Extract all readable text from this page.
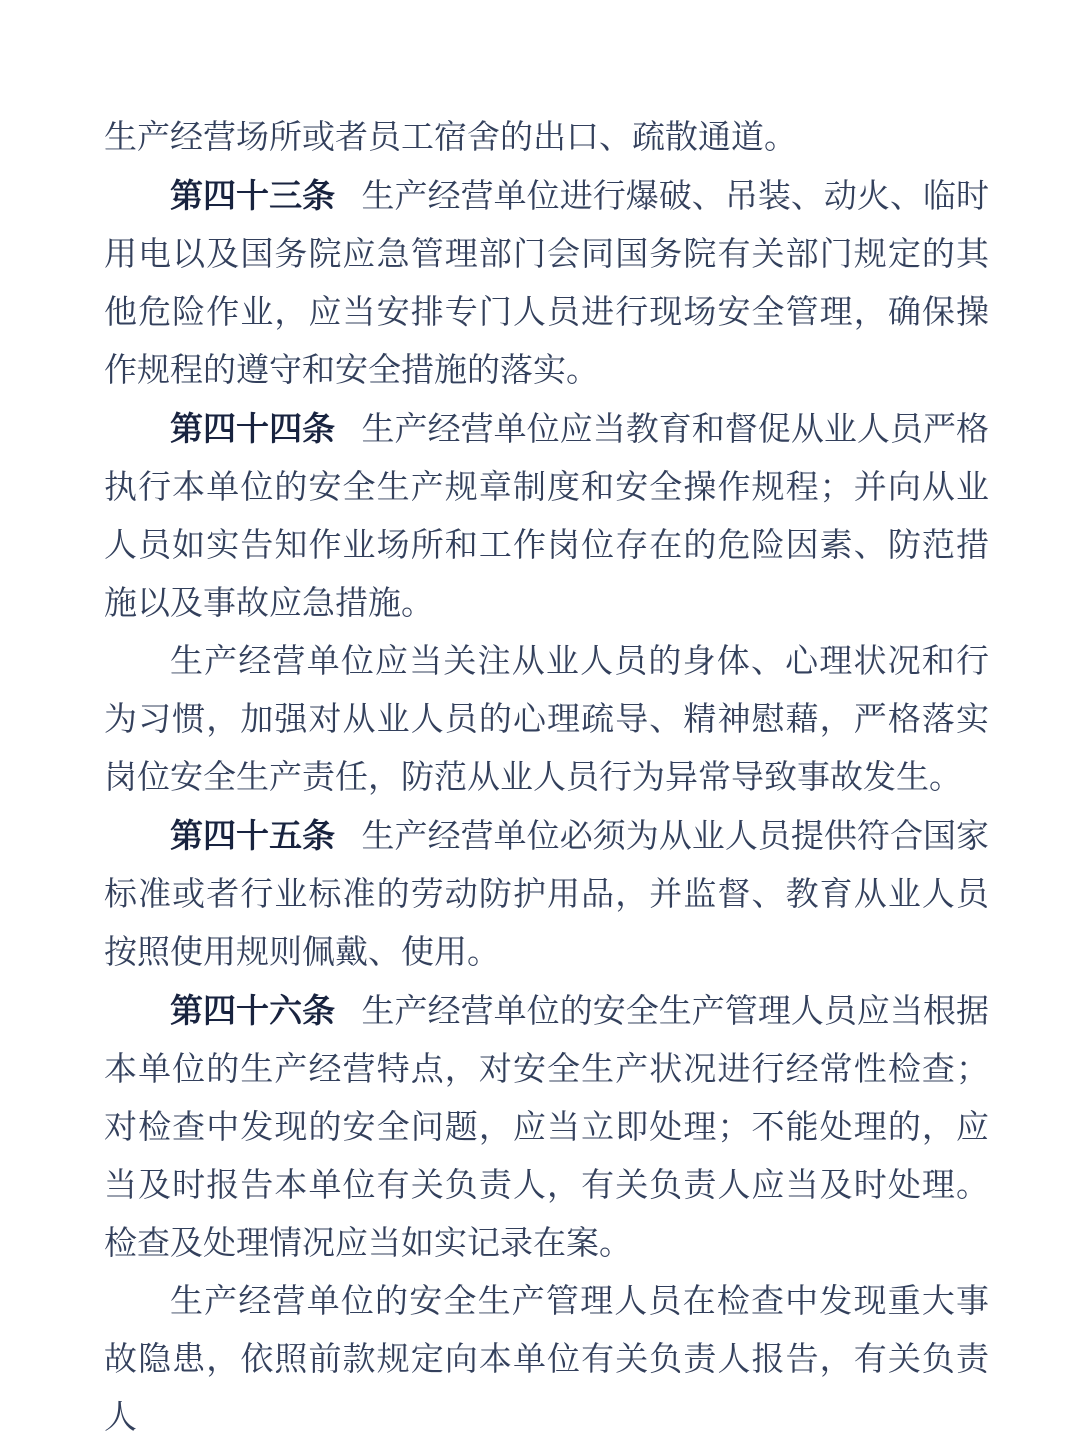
生产经营场所或者员工宿舍的出口、疏散通道。

第四十三条 生产经营单位进行爆破、吊装、动火、临时用电以及国务院应急管理部门会同国务院有关部门规定的其他危险作业，应当安排专门人员进行现场安全管理，确保操作规程的遵守和安全措施的落实。

第四十四条 生产经营单位应当教育和督促从业人员严格执行本单位的安全生产规章制度和安全操作规程；并向从业人员如实告知作业场所和工作岗位存在的危险因素、防范措施以及事故应急措施。

生产经营单位应当关注从业人员的身体、心理状况和行为习惯，加强对从业人员的心理疏导、精神慰藉，严格落实岗位安全生产责任，防范从业人员行为异常导致事故发生。

第四十五条 生产经营单位必须为从业人员提供符合国家标准或者行业标准的劳动防护用品，并监督、教育从业人员按照使用规则佩戴、使用。

第四十六条 生产经营单位的安全生产管理人员应当根据本单位的生产经营特点，对安全生产状况进行经常性检查；对检查中发现的安全问题，应当立即处理；不能处理的，应当及时报告本单位有关负责人，有关负责人应当及时处理。检查及处理情况应当如实记录在案。

生产经营单位的安全生产管理人员在检查中发现重大事故隐患，依照前款规定向本单位有关负责人报告，有关负责人
